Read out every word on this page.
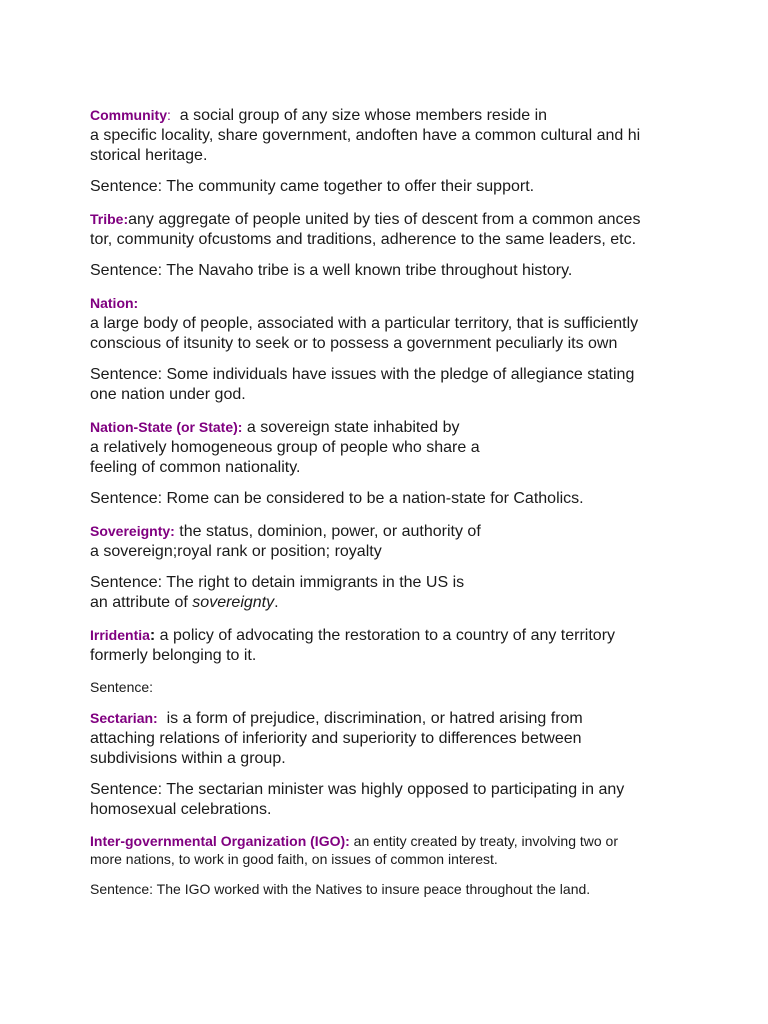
Community:  a social group of any size whose members reside in
a specific locality, share government, andoften have a common cultural and hi
storical heritage.

Sentence: The community came together to offer their support.

Tribe:any aggregate of people united by ties of descent from a common ances
tor, community ofcustoms and traditions, adherence to the same leaders, etc.

Sentence: The Navaho tribe is a well known tribe throughout history.

Nation:
a large body of people, associated with a particular territory, that is sufficiently
conscious of itsunity to seek or to possess a government peculiarly its own

Sentence: Some individuals have issues with the pledge of allegiance stating
one nation under god.

Nation-State (or State): a sovereign state inhabited by
a relatively homogeneous group of people who share a
feeling of common nationality.

Sentence: Rome can be considered to be a nation-state for Catholics.

Sovereignty: the status, dominion, power, or authority of
a sovereign;royal rank or position; royalty

Sentence: The right to detain immigrants in the US is
an attribute of sovereignty.

Irridentia: a policy of advocating the restoration to a country of any territory
formerly belonging to it.

Sentence:

Sectarian:  is a form of prejudice, discrimination, or hatred arising from
attaching relations of inferiority and superiority to differences between
subdivisions within a group.

Sentence: The sectarian minister was highly opposed to participating in any
homosexual celebrations.

Inter-governmental Organization (IGO): an entity created by treaty, involving two or
more nations, to work in good faith, on issues of common interest.

Sentence: The IGO worked with the Natives to insure peace throughout the land.
